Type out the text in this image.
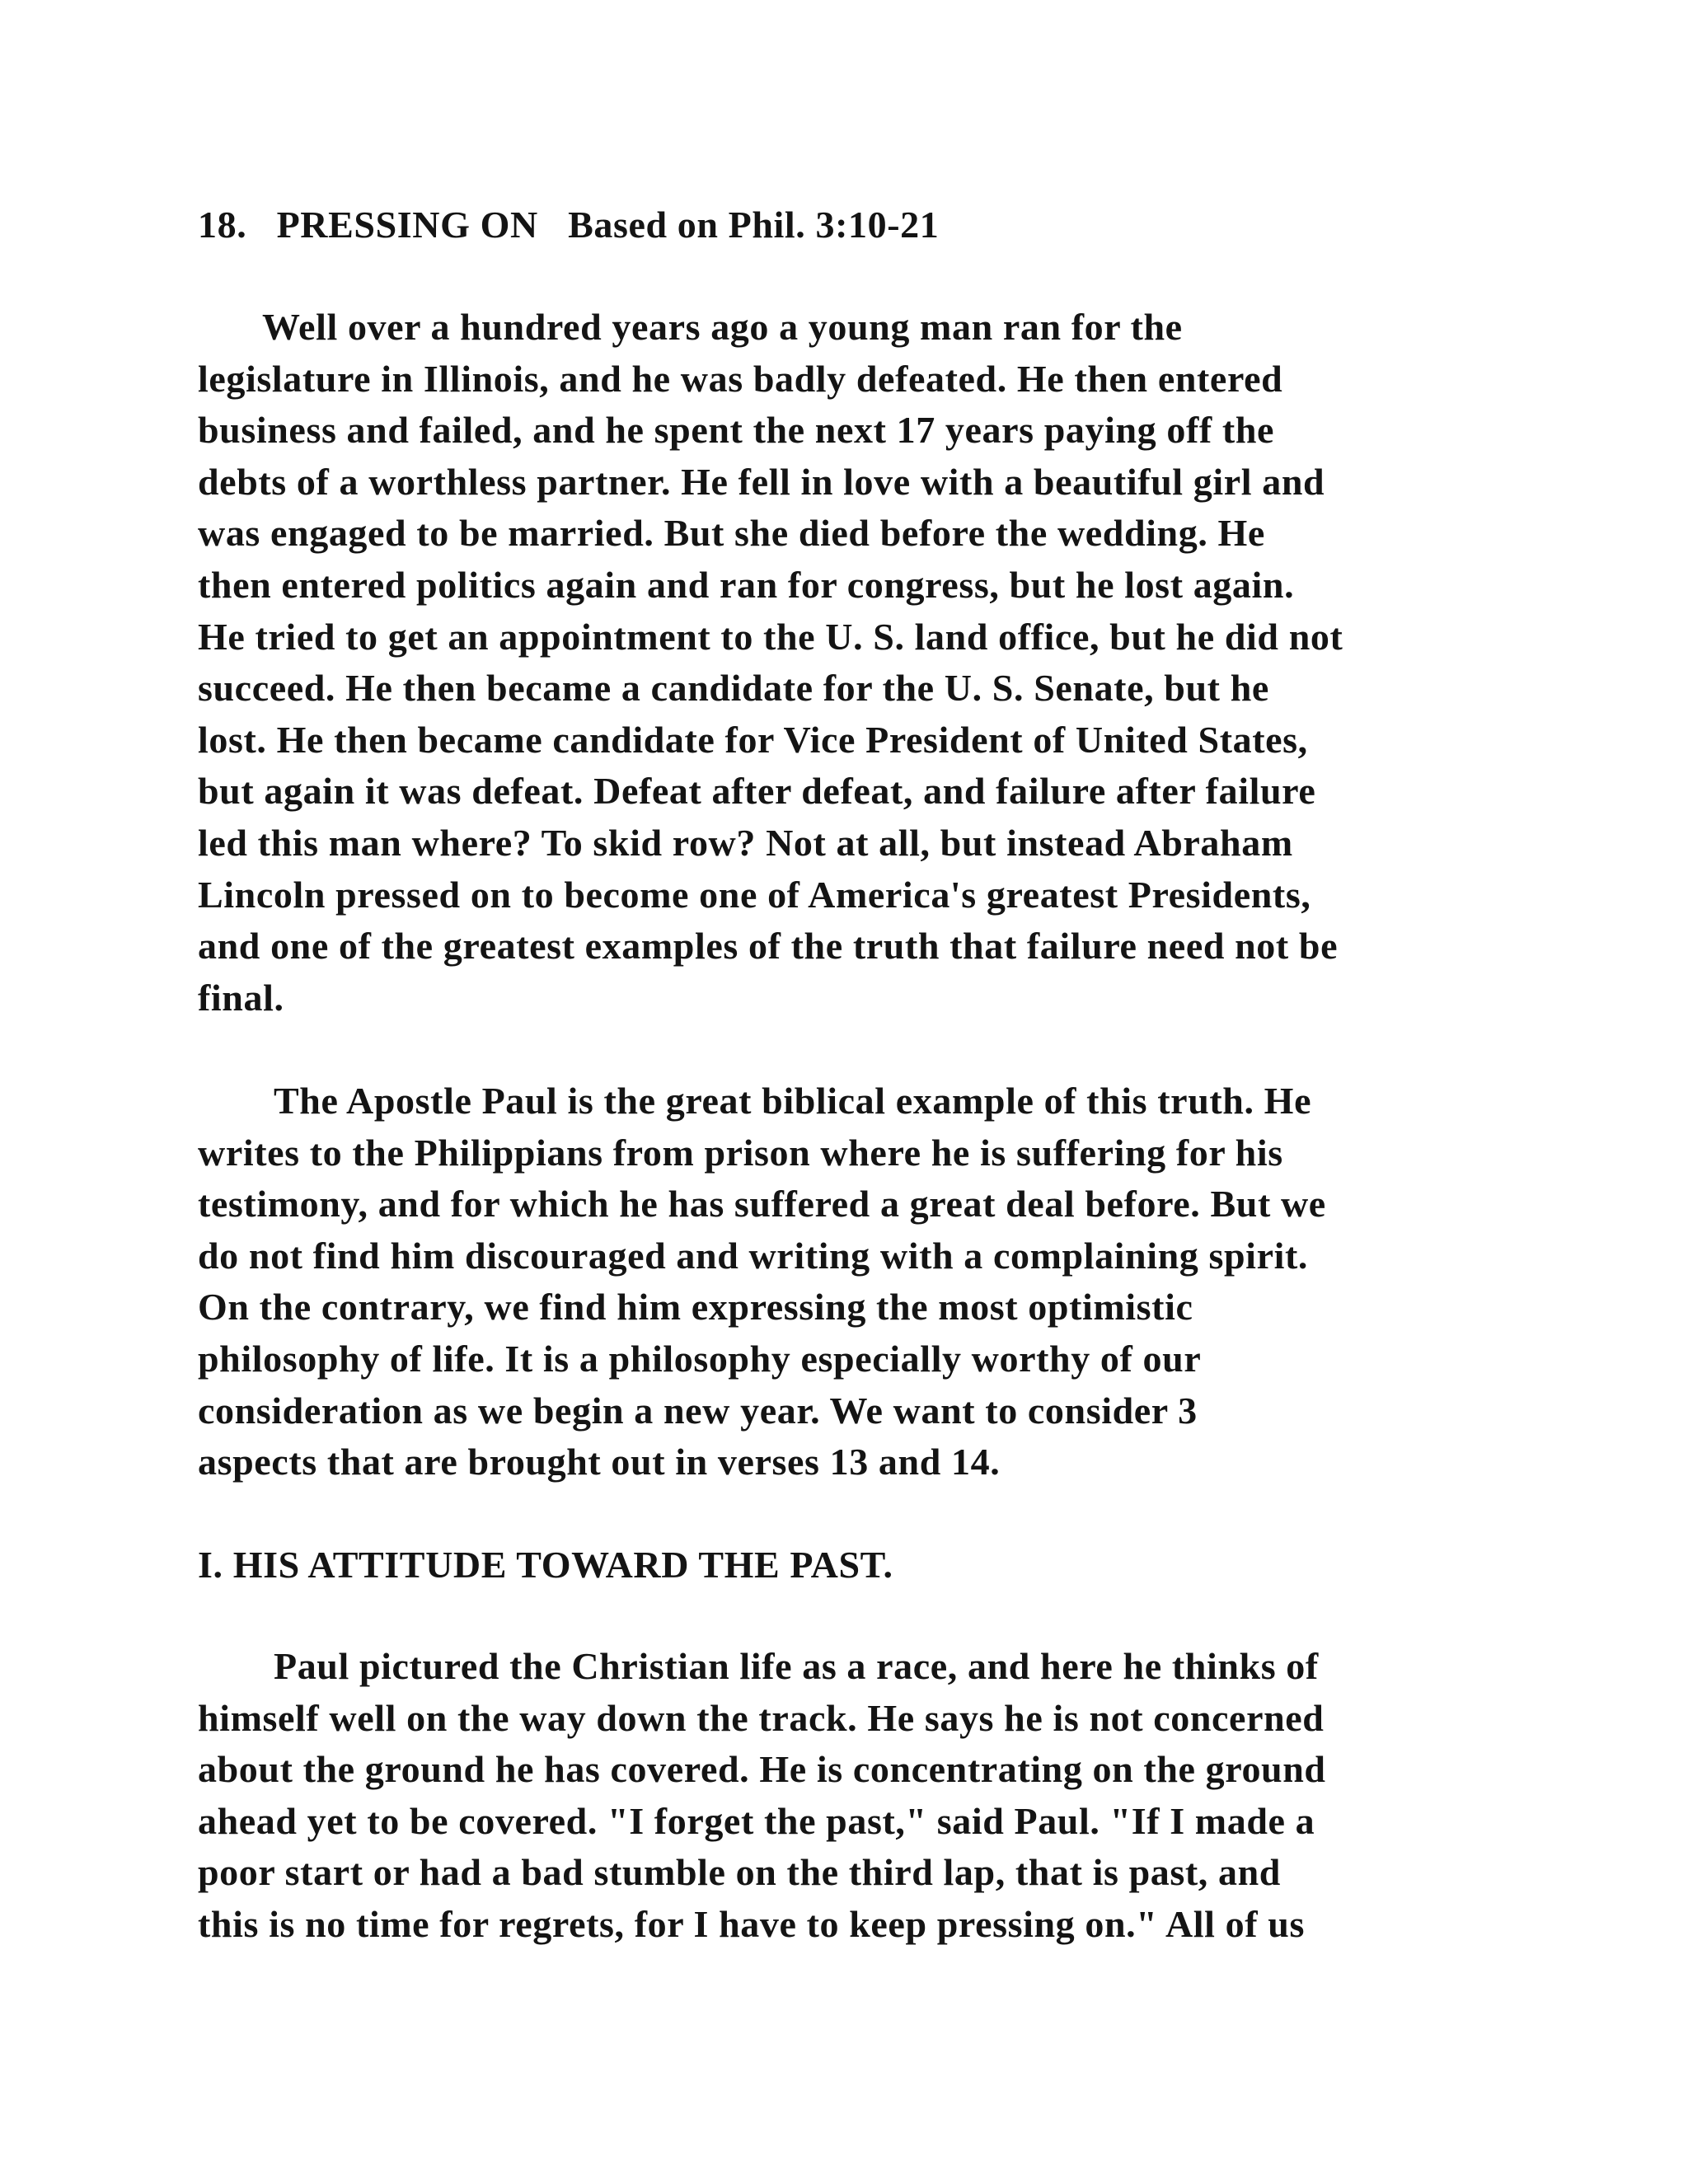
18.   PRESSING ON   Based on Phil. 3:10-21

Well over a hundred years ago a young man ran for the
legislature in Illinois, and he was badly defeated. He then entered
business and failed, and he spent the next 17 years paying off the
debts of a worthless partner. He fell in love with a beautiful girl and
was engaged to be married. But she died before the wedding. He
then entered politics again and ran for congress, but he lost again.
He tried to get an appointment to the U. S. land office, but he did not
succeed. He then became a candidate for the U. S. Senate, but he
lost. He then became candidate for Vice President of United States,
but again it was defeat. Defeat after defeat, and failure after failure
led this man where? To skid row? Not at all, but instead Abraham
Lincoln pressed on to become one of America's greatest Presidents,
and one of the greatest examples of the truth that failure need not be
final.

The Apostle Paul is the great biblical example of this truth. He
writes to the Philippians from prison where he is suffering for his
testimony, and for which he has suffered a great deal before. But we
do not find him discouraged and writing with a complaining spirit.
On the contrary, we find him expressing the most optimistic
philosophy of life. It is a philosophy especially worthy of our
consideration as we begin a new year. We want to consider 3
aspects that are brought out in verses 13 and 14.

I. HIS ATTITUDE TOWARD THE PAST.

Paul pictured the Christian life as a race, and here he thinks of
himself well on the way down the track. He says he is not concerned
about the ground he has covered. He is concentrating on the ground
ahead yet to be covered. "I forget the past," said Paul. "If I made a
poor start or had a bad stumble on the third lap, that is past, and
this is no time for regrets, for I have to keep pressing on." All of us
